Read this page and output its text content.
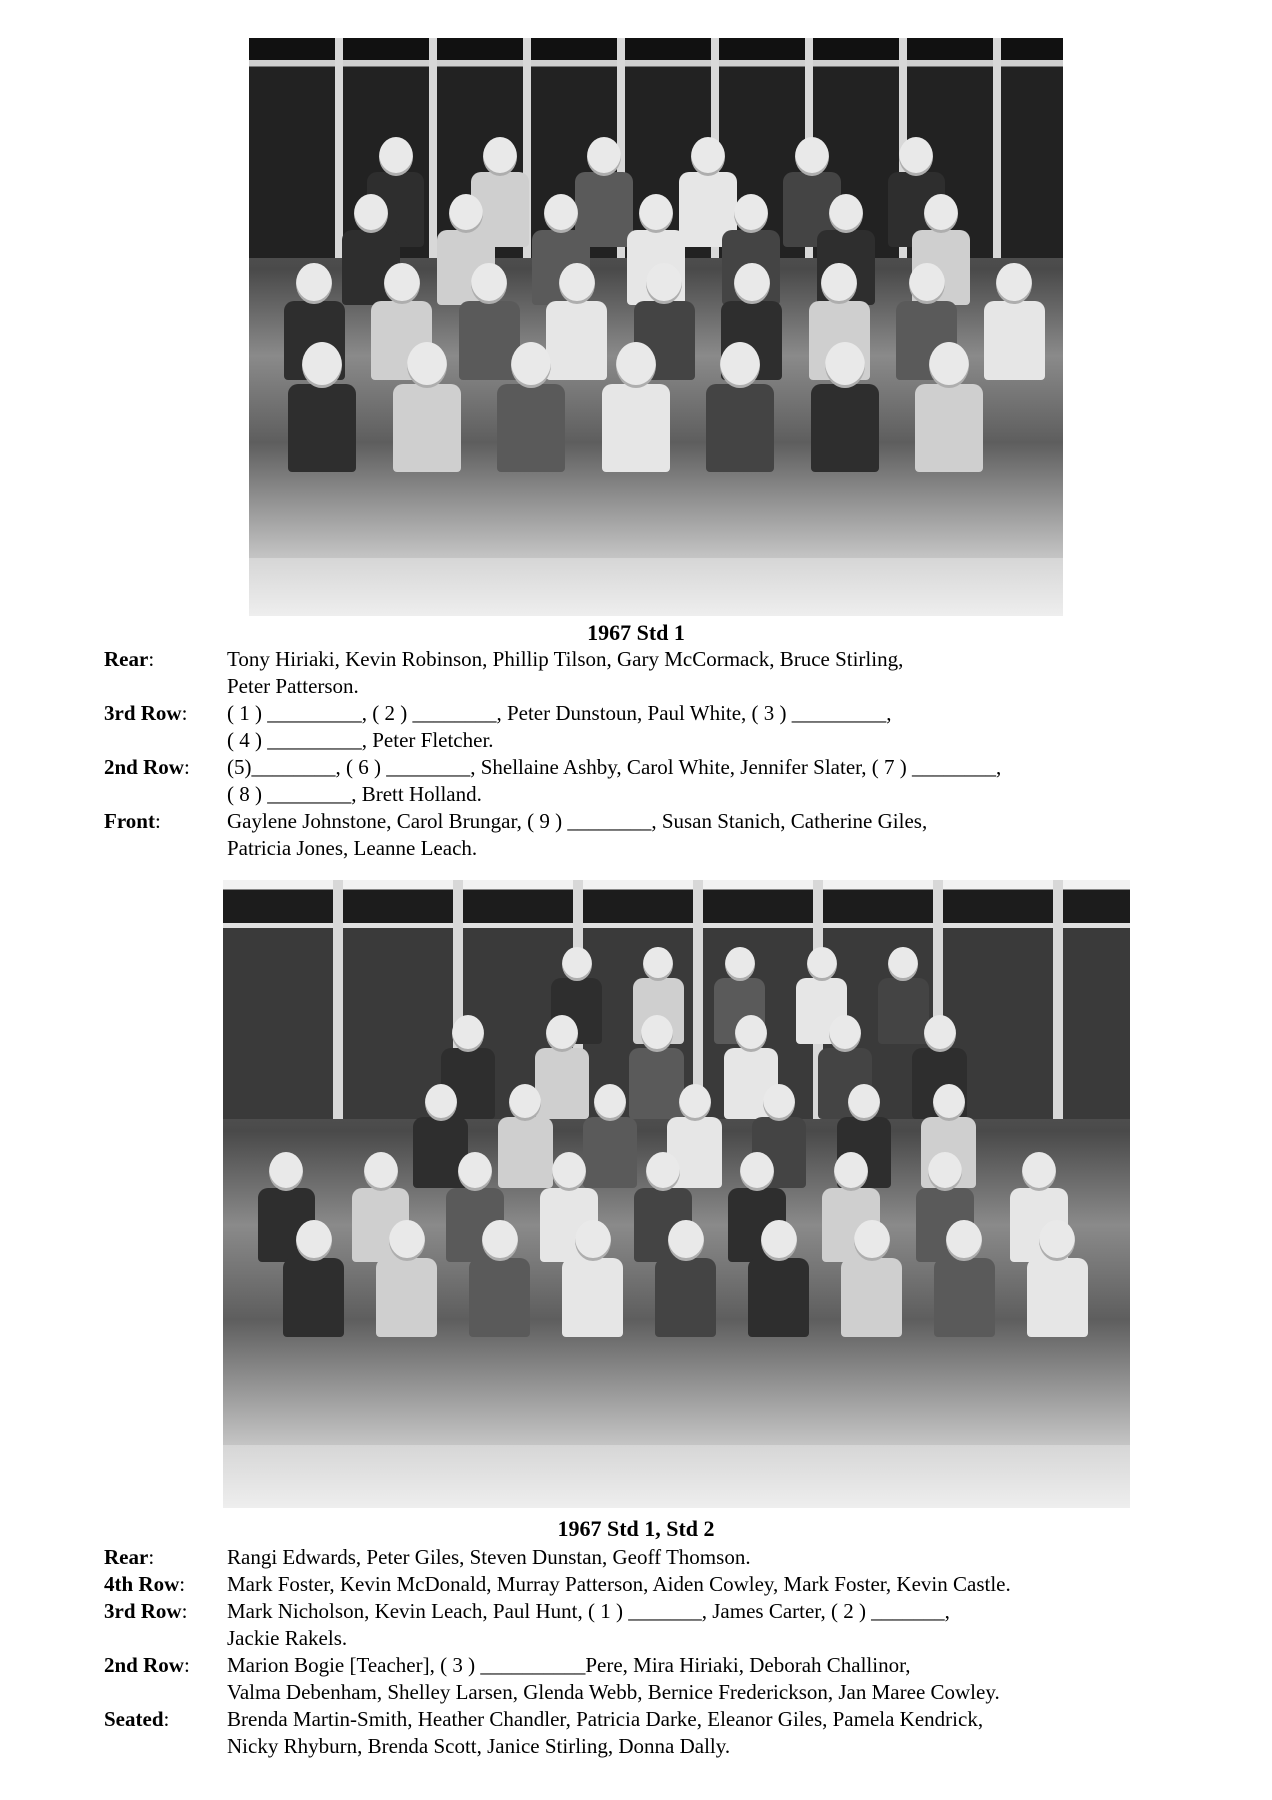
1967 Std 1
Rear:	Tony Hiriaki, Kevin Robinson, Phillip Tilson, Gary McCormack, Bruce Stirling,
Peter Patterson.
3rd Row:	( 1 ) _________, ( 2 ) ________, Peter Dunstoun, Paul White, ( 3 ) _________,
( 4 ) _________, Peter Fletcher.
2nd Row:	(5)________, ( 6 ) ________, Shellaine Ashby, Carol White, Jennifer Slater, ( 7 ) ________,
( 8 ) ________, Brett Holland.
Front:	Gaylene Johnstone, Carol Brungar, ( 9 ) ________, Susan Stanich, Catherine Giles,
Patricia Jones, Leanne Leach.
1967 Std 1, Std 2
Rear:	Rangi Edwards, Peter Giles, Steven Dunstan, Geoff Thomson.
4th Row:	Mark Foster, Kevin McDonald, Murray Patterson, Aiden Cowley, Mark Foster, Kevin Castle.
3rd Row:	Mark Nicholson, Kevin Leach, Paul Hunt, ( 1 ) _______, James Carter, ( 2 ) _______,
Jackie Rakels.
2nd Row:	Marion Bogie [Teacher], ( 3 ) __________Pere, Mira Hiriaki, Deborah Challinor,
Valma Debenham, Shelley Larsen, Glenda Webb, Bernice Frederickson, Jan Maree Cowley.
Seated:	Brenda Martin-Smith, Heather Chandler, Patricia Darke, Eleanor Giles, Pamela Kendrick,
Nicky Rhyburn, Brenda Scott, Janice Stirling, Donna Dally.
